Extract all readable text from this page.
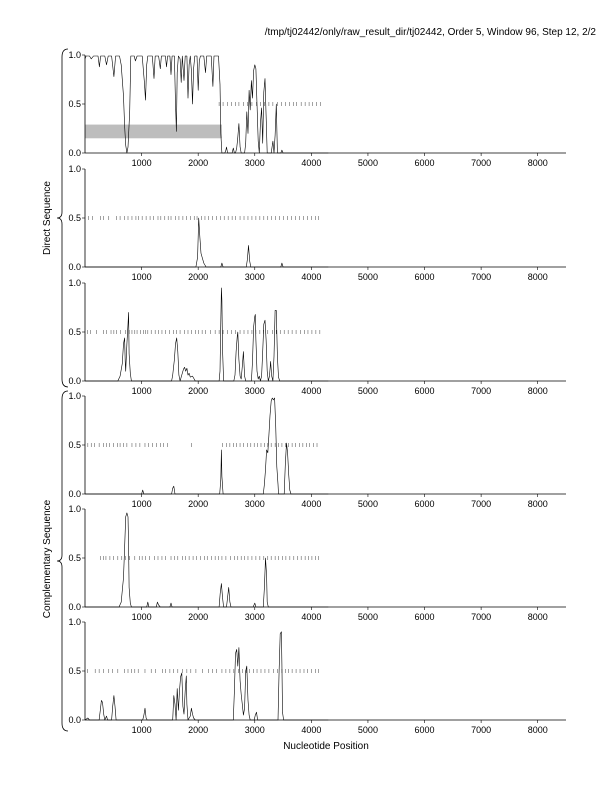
/tmp/tj02442/only/raw_result_dir/tj02442, Order 5, Window 96, Step 12, 2/2
1000	2000	3000	4000	5000	6000	7000	8000
0.0
0.5
1.0
1000	2000	3000	4000	5000	6000	7000	8000
0.0
0.5
1.0
1000	2000	3000	4000	5000	6000	7000	8000
0.0
0.5
1.0
1000	2000	3000	4000	5000	6000	7000	8000
0.0
0.5
1.0
1000	2000	3000	4000	5000	6000	7000	8000
0.0
0.5
1.0
1000	2000	3000	4000	5000	6000	7000	8000
0.0
0.5
1.0
Nucleotide Position
Direct Sequence
Complementary Sequence
